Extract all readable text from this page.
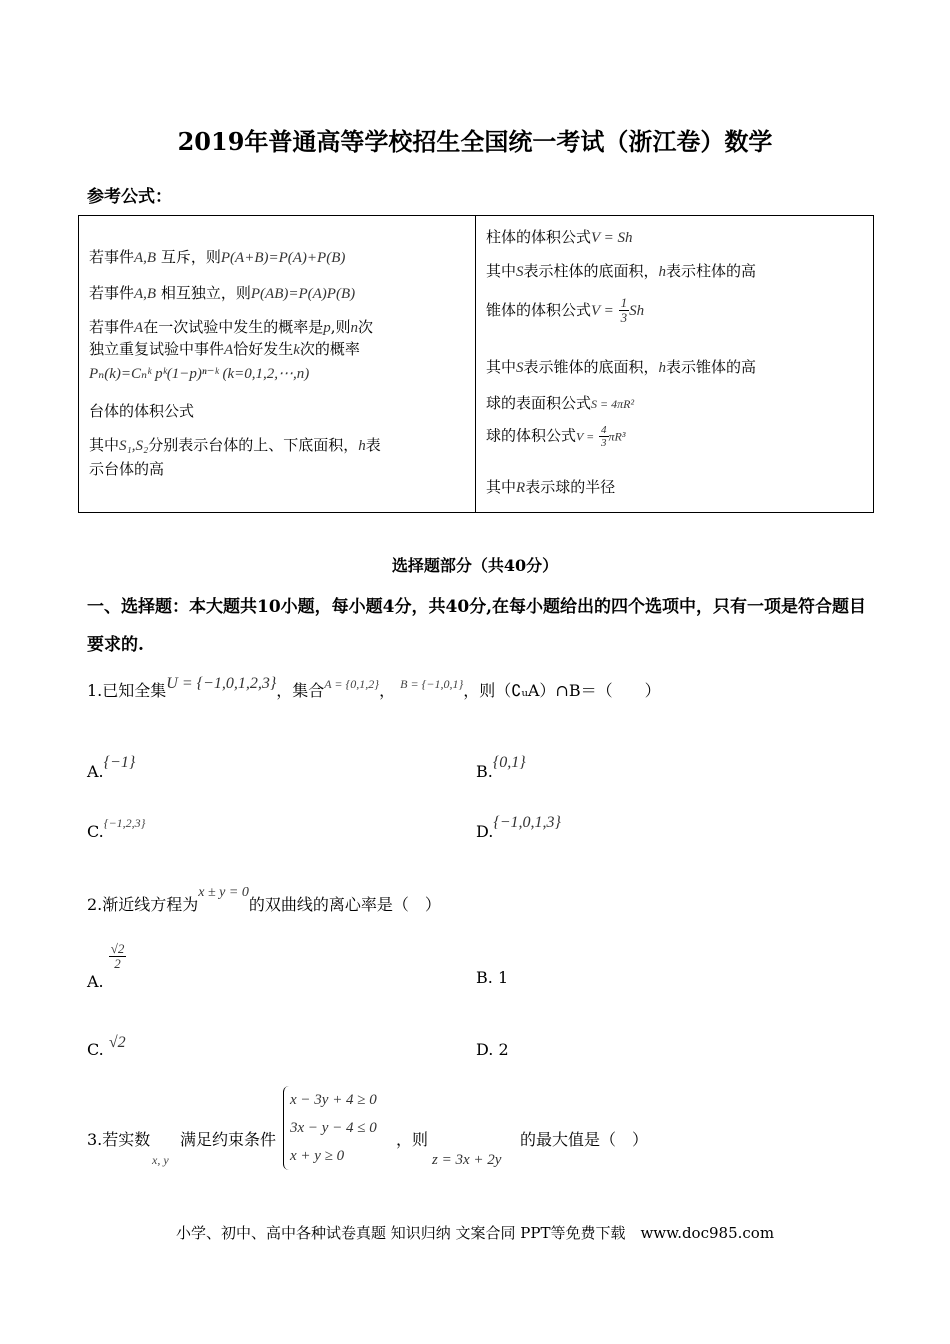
2019年普通高等学校招生全国统一考试（浙江卷）数学
参考公式：
若事件A,B 互斥，则P(A+B)=P(A)+P(B)
若事件A,B 相互独立，则P(AB)=P(A)P(B)
若事件A在一次试验中发生的概率是p,则n次
独立重复试验中事件A恰好发生k次的概率
Pₙ(k)=Cₙᵏ pᵏ(1−p)ⁿ⁻ᵏ (k=0,1,2,⋯,n)
台体的体积公式
其中S₁,S₂分别表示台体的上、下底面积，h表
示台体的高

柱体的体积公式V = Sh
其中S表示柱体的底面积，h表示柱体的高
锥体的体积公式$V = \frac{1}{3}$ Sh
其中S表示锥体的底面积，h表示锥体的高
球的表面积公式S = 4πR²
球的体积公式$V = \frac{4}{3} \pi R^3$
其中R表示球的半径
选择题部分（共40分）
一、选择题：本大题共10小题，每小题4分，共40分,在每小题给出的四个选项中，只有一项是符合题目要求的.
1.已知全集U = {−1,0,1,2,3}，集合$^{A = \{0,1,2\}}$， $^{B = \{-1,0,1\}}$，则（∁ᵤA）∩B＝（　　）
A.{−1}	B.{0,1}
C.$^{\{-1,2,3\}}$	D.{−1,0,1,3}
2.渐近线方程为x ± y = 0的双曲线的离心率是（　）
A.
$\frac{√2}{2}$
B. 1
C. √2	D. 2
3.若实数
x, y
满足约束条件
x − 3y + 4 ≥ 0
3x − y − 4 ≤ 0
x + y ≥ 0
，则
z = 3x + 2y
的最大值是（　）
小学、初中、高中各种试卷真题 知识归纳 文案合同 PPT等免费下载　www.doc985.com
